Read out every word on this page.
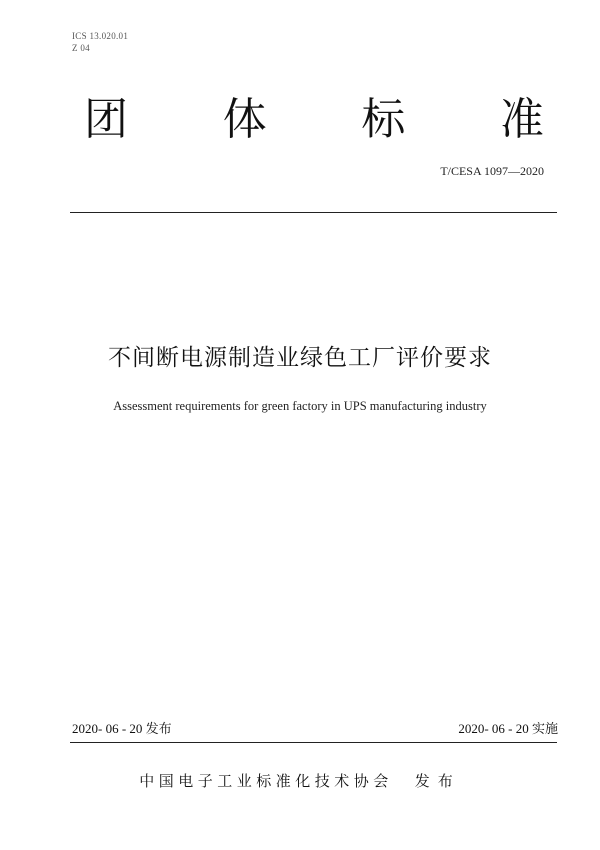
ICS 13.020.01
Z 04
团 体 标 准
T/CESA 1097—2020
不间断电源制造业绿色工厂评价要求
Assessment requirements for green factory in UPS manufacturing industry
2020- 06 - 20 发布	2020- 06 - 20 实施
中国电子工业标准化技术协会 发布
